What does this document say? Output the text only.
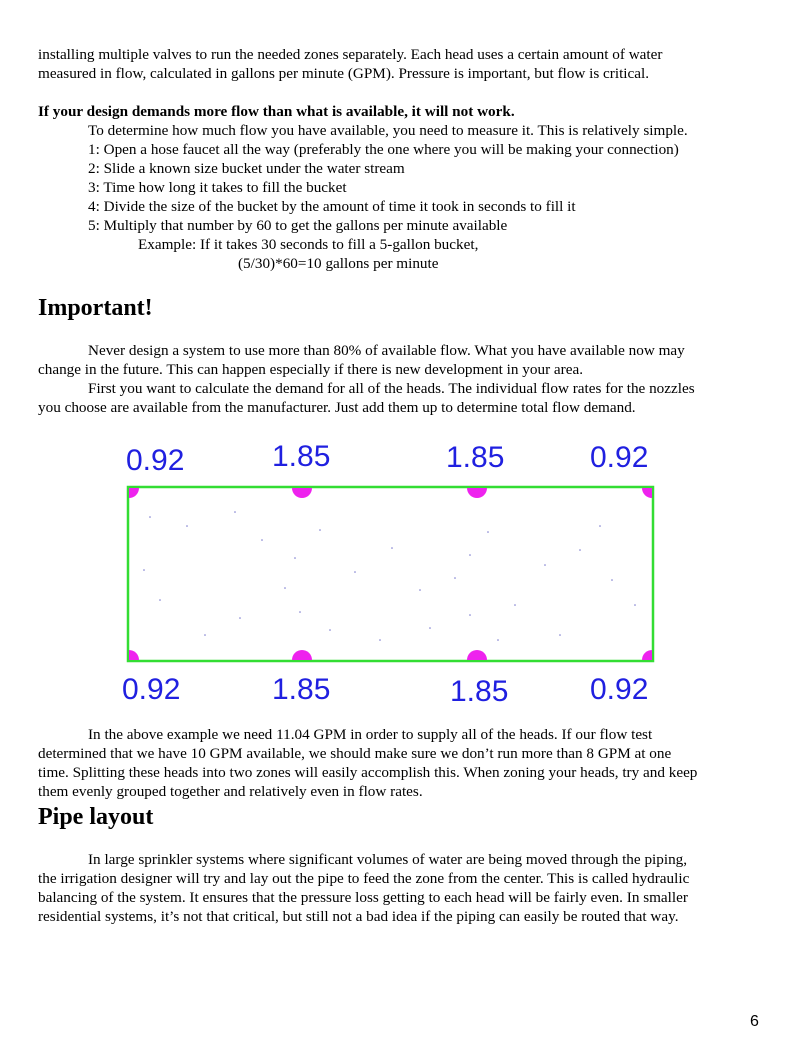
installing multiple valves to run the needed zones separately. Each head uses a certain amount of water
measured in flow, calculated in gallons per minute (GPM). Pressure is important, but flow is critical.
If your design demands more flow than what is available, it will not work.
To determine how much flow you have available, you need to measure it. This is relatively simple.
1: Open a hose faucet all the way (preferably the one where you will be making your connection)
2: Slide a known size bucket under the water stream
3: Time how long it takes to fill the bucket
4: Divide the size of the bucket by the amount of time it took in seconds to fill it
5: Multiply that number by 60 to get the gallons per minute available
Example: If it takes 30 seconds to fill a 5-gallon bucket,
(5/30)*60=10 gallons per minute
Important!
Never design a system to use more than 80% of available flow. What you have available now may
change in the future. This can happen especially if there is new development in your area.
First you want to calculate the demand for all of the heads. The individual flow rates for the nozzles
you choose are available from the manufacturer. Just add them up to determine total flow demand.
0.92	1.85	1.85	0.92
0.92	1.85	1.85	0.92
In the above example we need 11.04 GPM in order to supply all of the heads. If our flow test
determined that we have 10 GPM available, we should make sure we don’t run more than 8 GPM at one
time. Splitting these heads into two zones will easily accomplish this. When zoning your heads, try and keep
them evenly grouped together and relatively even in flow rates.
Pipe layout
In large sprinkler systems where significant volumes of water are being moved through the piping,
the irrigation designer will try and lay out the pipe to feed the zone from the center. This is called hydraulic
balancing of the system. It ensures that the pressure loss getting to each head will be fairly even. In smaller
residential systems, it’s not that critical, but still not a bad idea if the piping can easily be routed that way.
6
